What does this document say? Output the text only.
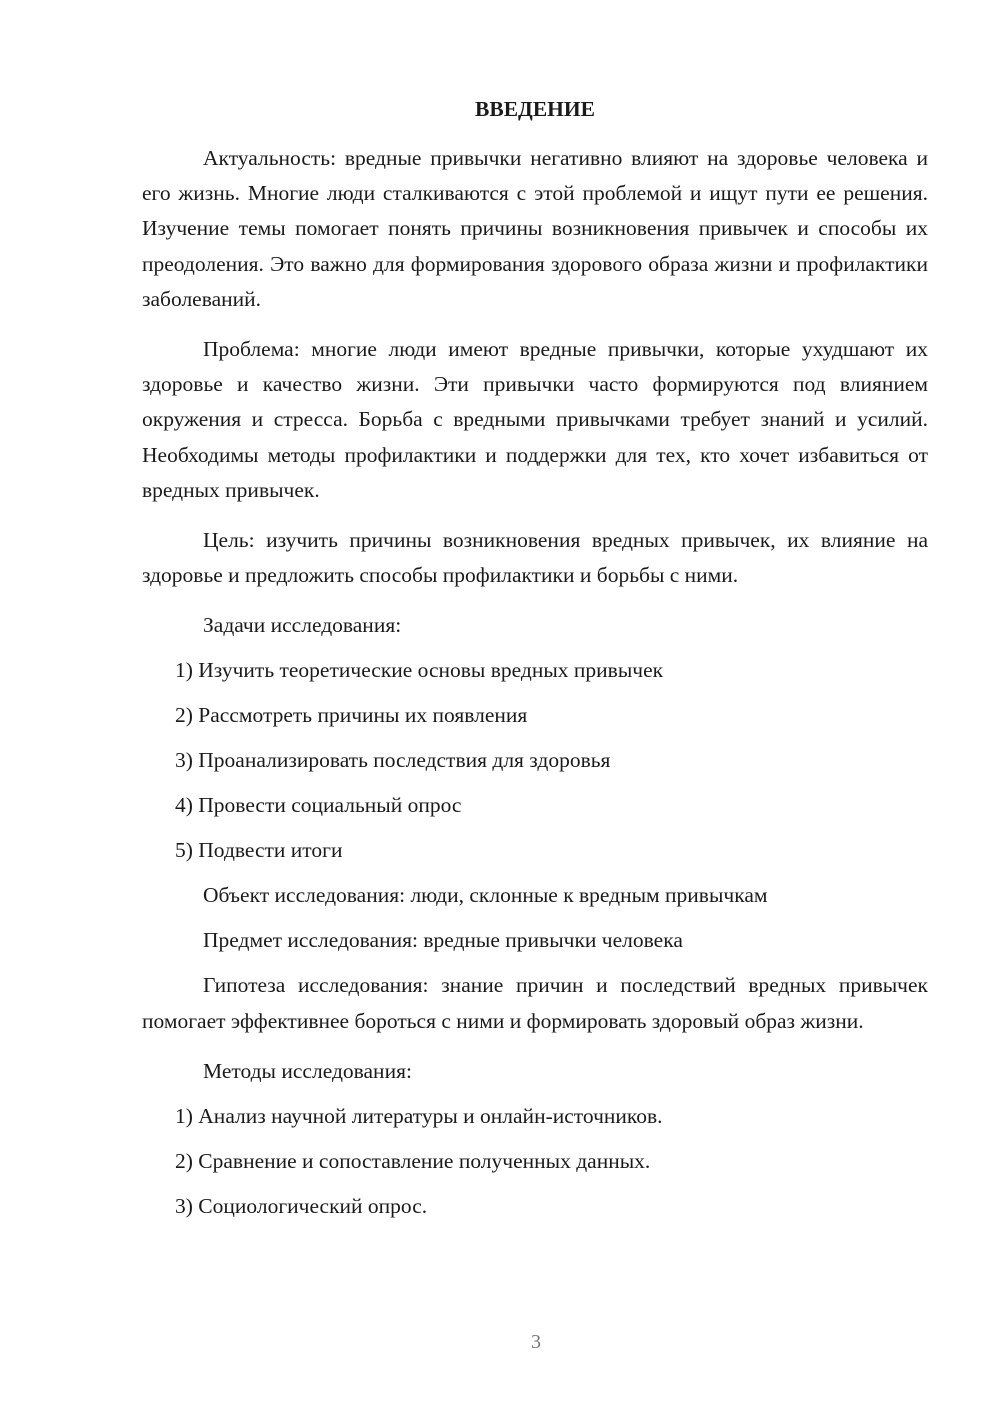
ВВЕДЕНИЕ

Актуальность: вредные привычки негативно влияют на здоровье человека и его жизнь. Многие люди сталкиваются с этой проблемой и ищут пути ее решения. Изучение темы помогает понять причины возникновения привычек и способы их преодоления. Это важно для формирования здорового образа жизни и профилактики заболеваний.

Проблема: многие люди имеют вредные привычки, которые ухудшают их здоровье и качество жизни. Эти привычки часто формируются под влиянием окружения и стресса. Борьба с вредными привычками требует знаний и усилий. Необходимы методы профилактики и поддержки для тех, кто хочет избавиться от вредных привычек.

Цель: изучить причины возникновения вредных привычек, их влияние на здоровье и предложить способы профилактики и борьбы с ними.

Задачи исследования:
1) Изучить теоретические основы вредных привычек
2) Рассмотреть причины их появления
3) Проанализировать последствия для здоровья
4) Провести социальный опрос
5) Подвести итоги
Объект исследования: люди, склонные к вредным привычкам
Предмет исследования: вредные привычки человека

Гипотеза исследования: знание причин и последствий вредных привычек помогает эффективнее бороться с ними и формировать здоровый образ жизни.

Методы исследования:
1) Анализ научной литературы и онлайн-источников.
2) Сравнение и сопоставление полученных данных.
3) Социологический опрос.
3
